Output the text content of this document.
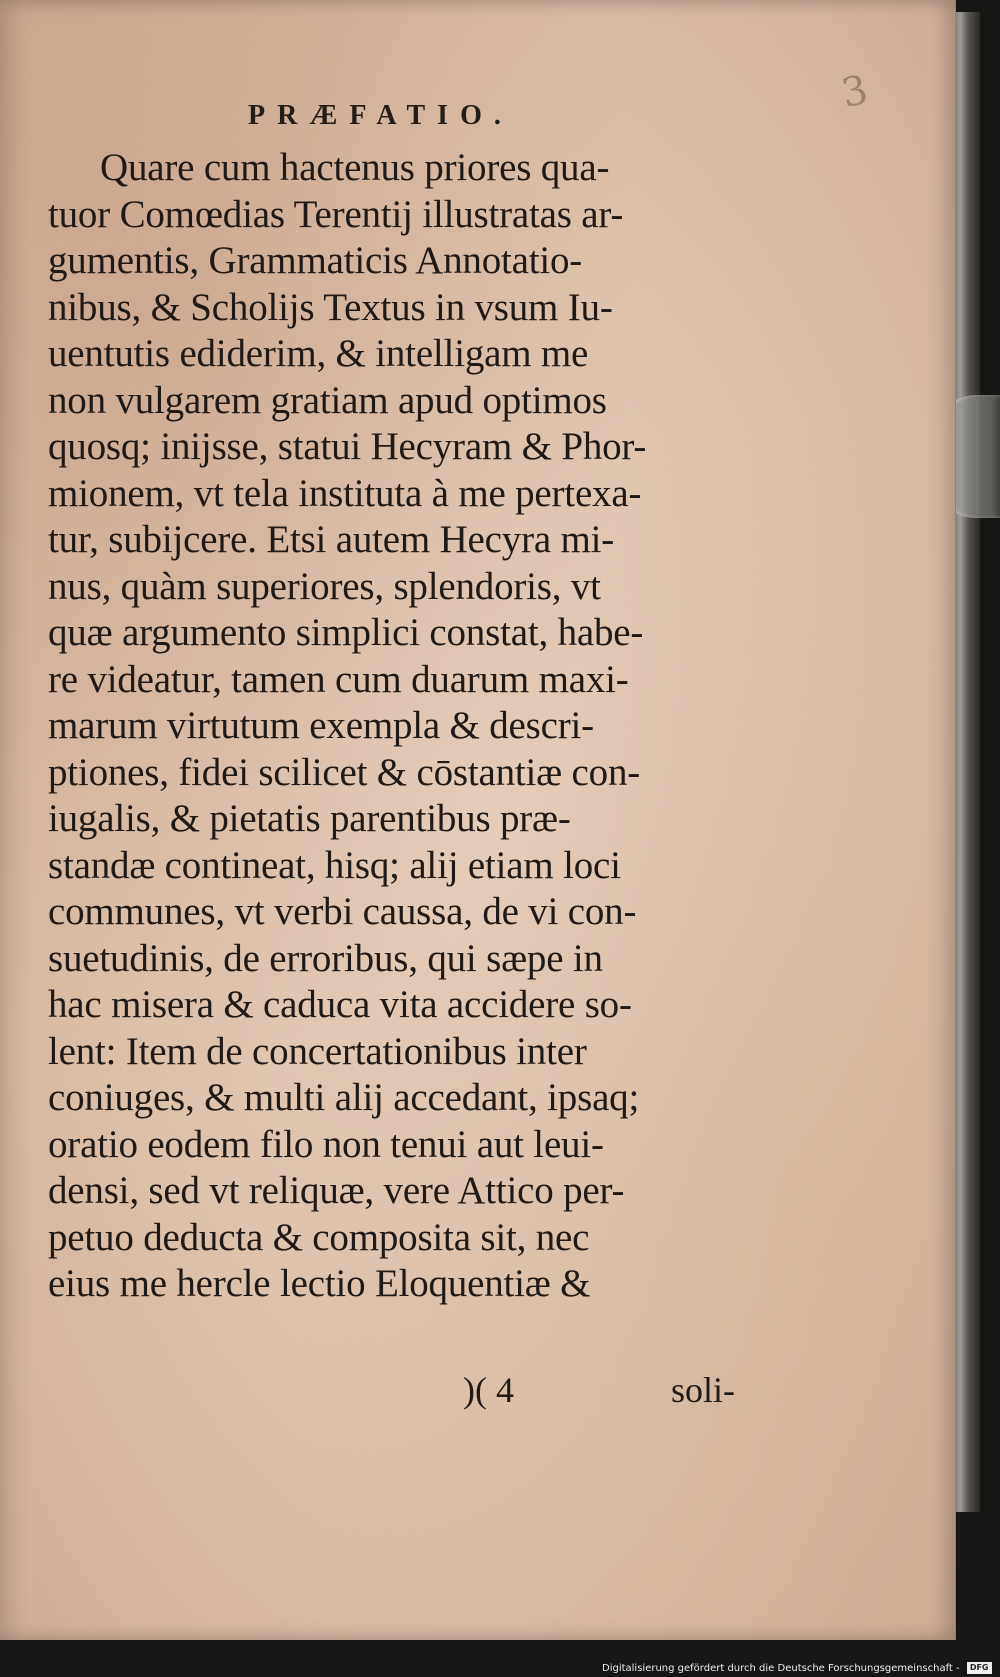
3
PRÆFATIO.
Quare cum hactenus priores qua-
tuor Comœdias Terentij illustratas ar-
gumentis, Grammaticis Annotatio-
nibus, & Scholijs Textus in vsum Iu-
uentutis ediderim, & intelligam me
non vulgarem gratiam apud optimos
quosq; inijsse, statui Hecyram & Phor-
mionem, vt tela instituta à me pertexa-
tur, subijcere. Etsi autem Hecyra mi-
nus, quàm superiores, splendoris, vt
quæ argumento simplici constat, habe-
re videatur, tamen cum duarum maxi-
marum virtutum exempla & descri-
ptiones, fidei scilicet & cōstantiæ con-
iugalis, & pietatis parentibus præ-
standæ contineat, hisq; alij etiam loci
communes, vt verbi caussa, de vi con-
suetudinis, de erroribus, qui sæpe in
hac misera & caduca vita accidere so-
lent: Item de concertationibus inter
coniuges, & multi alij accedant, ipsaq;
oratio eodem filo non tenui aut leui-
densi, sed vt reliquæ, vere Attico per-
petuo deducta & composita sit, nec
eius me hercle lectio Eloquentiæ &
)( 4	soli-
Digitalisierung gefördert durch die Deutsche Forschungsgemeinschaft - DFG
